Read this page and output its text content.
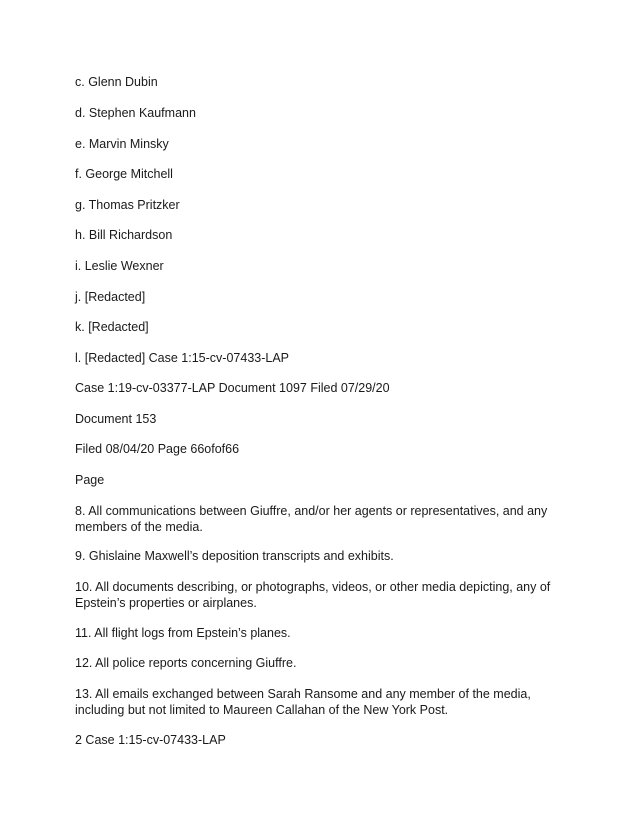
c. Glenn Dubin
d. Stephen Kaufmann
e. Marvin Minsky
f. George Mitchell
g. Thomas Pritzker
h. Bill Richardson
i. Leslie Wexner
j. [Redacted]
k. [Redacted]
l. [Redacted] Case 1:15-cv-07433-LAP
Case 1:19-cv-03377-LAP Document 1097 Filed 07/29/20
Document 153
Filed 08/04/20 Page 66ofof66
Page
8. All communications between Giuffre, and/or her agents or representatives, and any members of the media.
9. Ghislaine Maxwell’s deposition transcripts and exhibits.
10. All documents describing, or photographs, videos, or other media depicting, any of Epstein’s properties or airplanes.
11. All flight logs from Epstein’s planes.
12. All police reports concerning Giuffre.
13. All emails exchanged between Sarah Ransome and any member of the media, including but not limited to Maureen Callahan of the New York Post.
2 Case 1:15-cv-07433-LAP
